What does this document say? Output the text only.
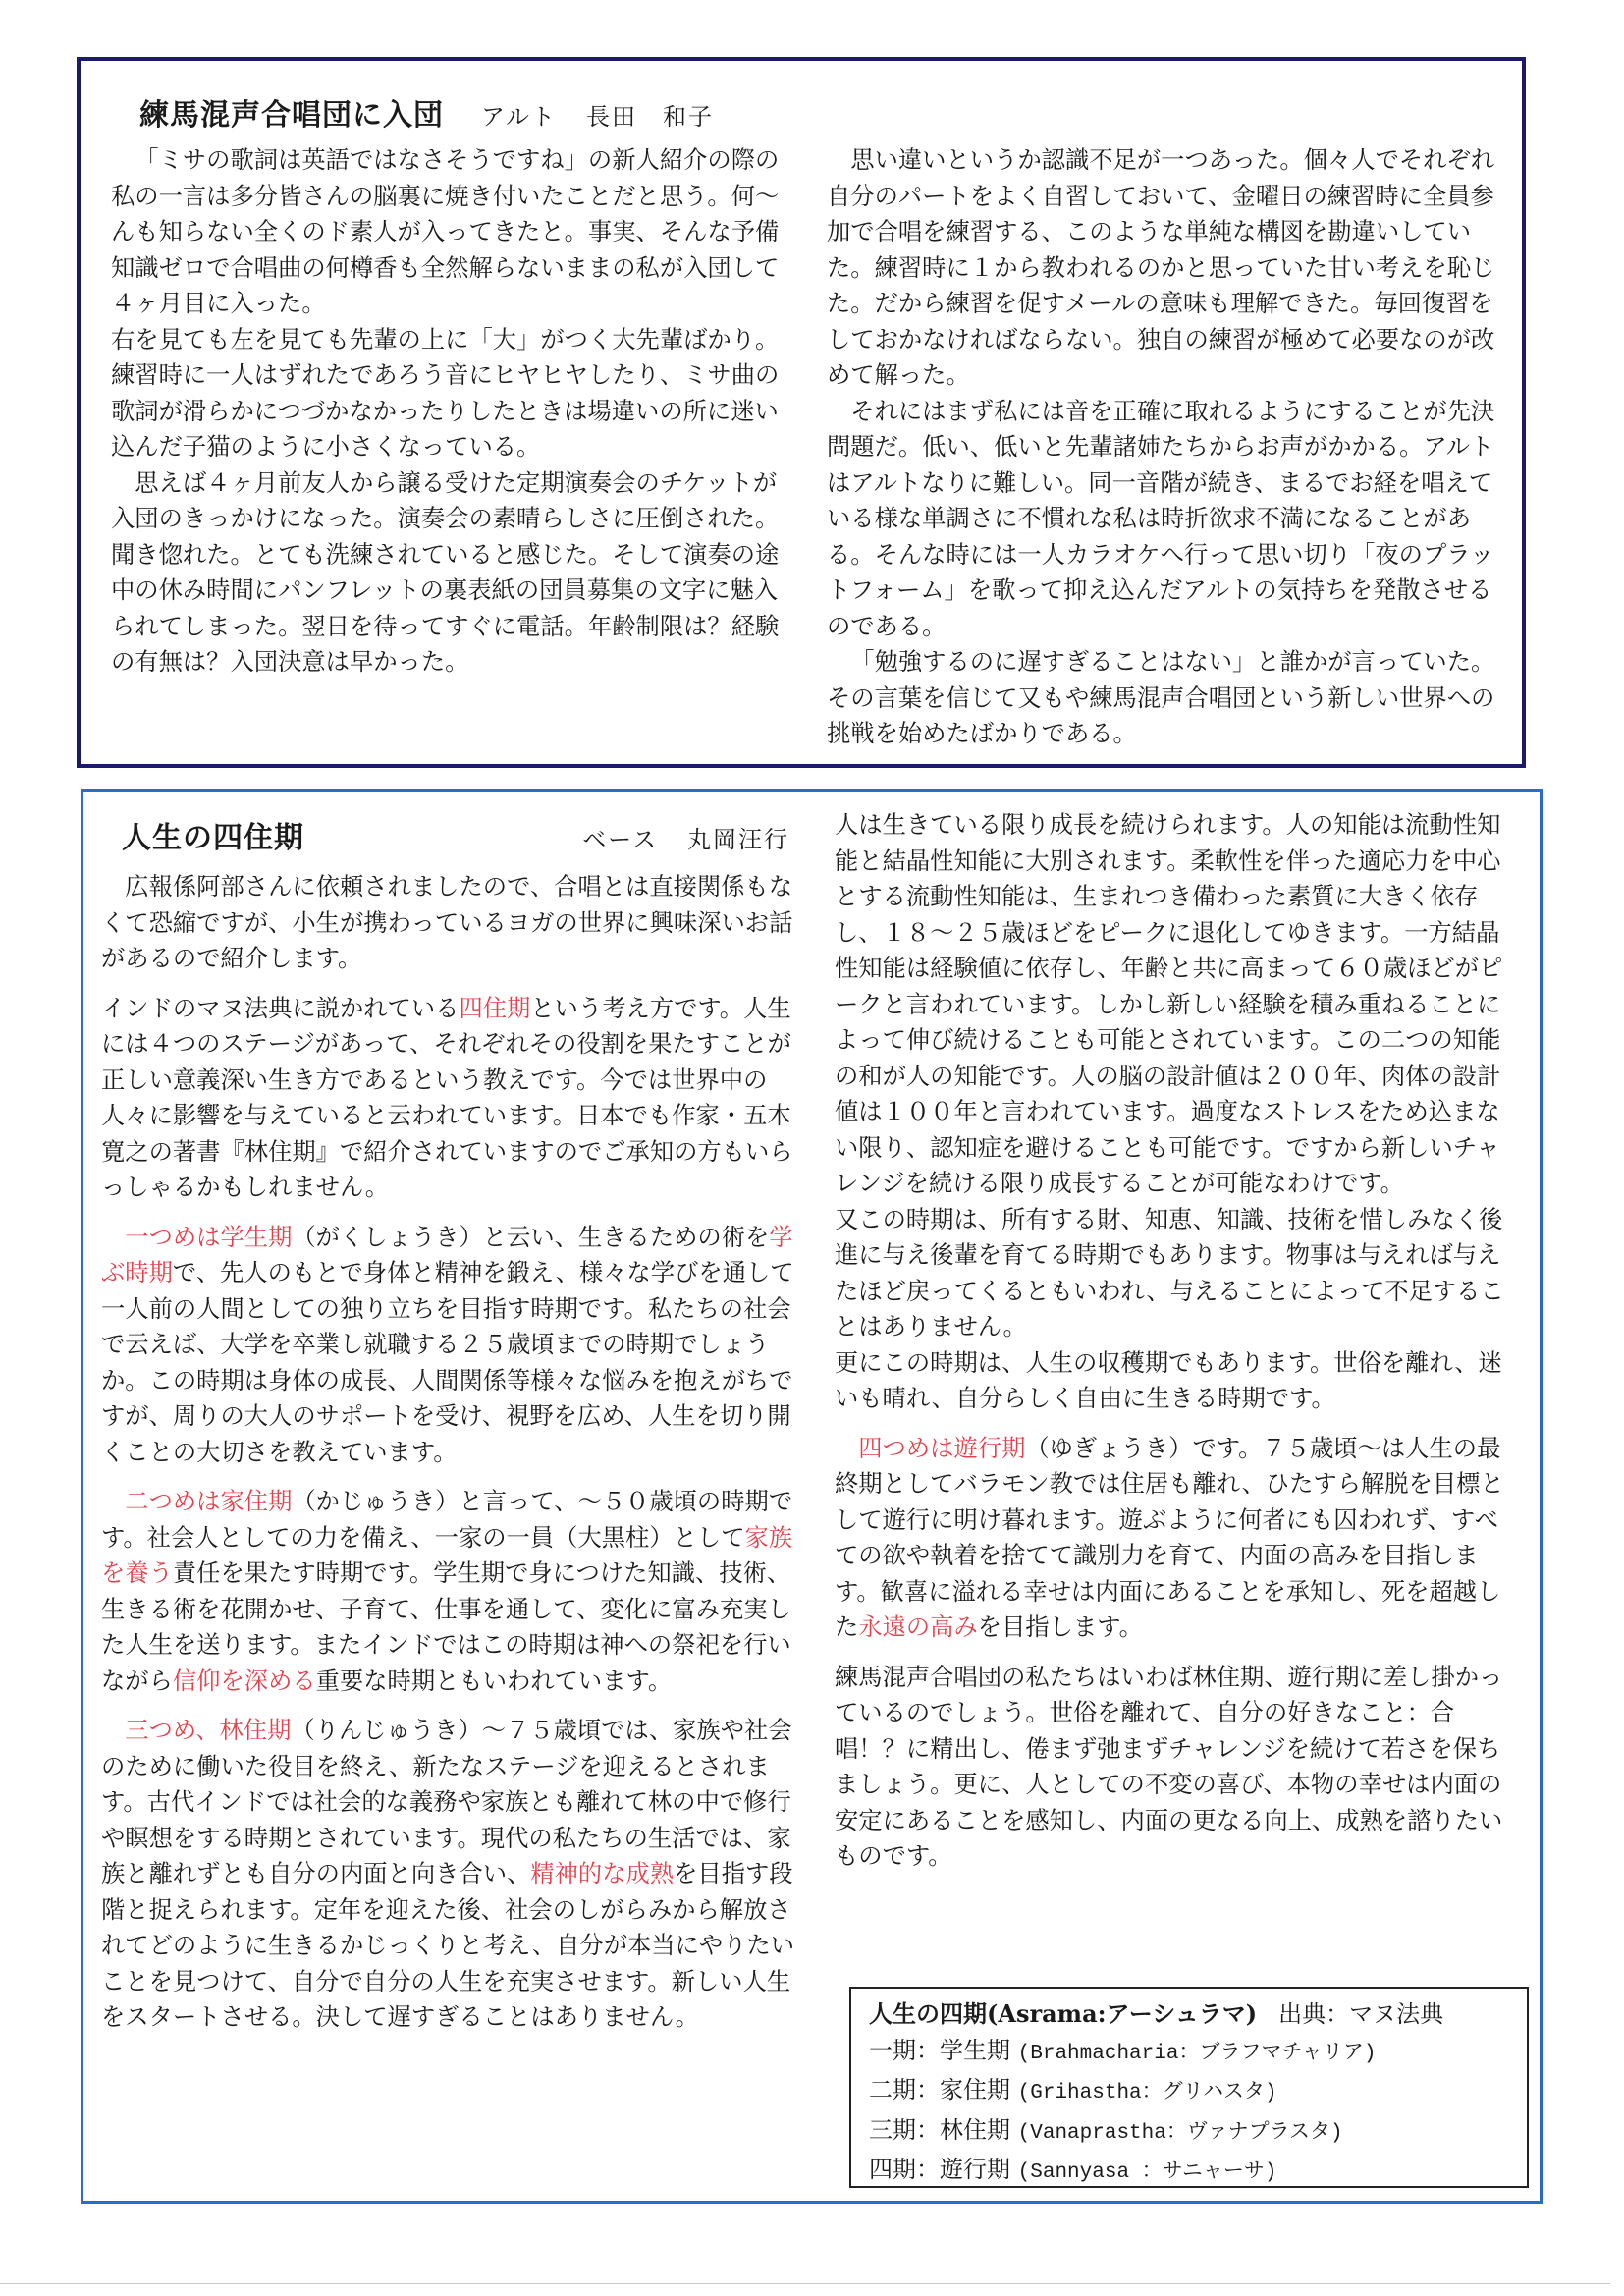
練馬混声合唱団に入団 アルト 長田　和子

「ミサの歌詞は英語ではなさそうですね」の新人紹介の際の私の一言は多分皆さんの脳裏に焼き付いたことだと思う。何～んも知らない全くのド素人が入ってきたと。事実、そんな予備知識ゼロで合唱曲の何樽香も全然解らないままの私が入団して４ヶ月目に入った。

右を見ても左を見ても先輩の上に「大」がつく大先輩ばかり。練習時に一人はずれたであろう音にヒヤヒヤしたり、ミサ曲の歌詞が滑らかにつづかなかったりしたときは場違いの所に迷い込んだ子猫のように小さくなっている。

思えば４ヶ月前友人から譲る受けた定期演奏会のチケットが入団のきっかけになった。演奏会の素晴らしさに圧倒された。聞き惚れた。とても洗練されていると感じた。そして演奏の途中の休み時間にパンフレットの裏表紙の団員募集の文字に魅入られてしまった。翌日を待ってすぐに電話。年齢制限は？経験の有無は？入団決意は早かった。

思い違いというか認識不足が一つあった。個々人でそれぞれ自分のパートをよく自習しておいて、金曜日の練習時に全員参加で合唱を練習する、このような単純な構図を勘違いしていた。練習時に１から教われるのかと思っていた甘い考えを恥じた。だから練習を促すメールの意味も理解できた。毎回復習をしておかなければならない。独自の練習が極めて必要なのが改めて解った。

それにはまず私には音を正確に取れるようにすることが先決問題だ。低い、低いと先輩諸姉たちからお声がかかる。アルトはアルトなりに難しい。同一音階が続き、まるでお経を唱えている様な単調さに不慣れな私は時折欲求不満になることがある。そんな時には一人カラオケへ行って思い切り「夜のプラットフォーム」を歌って抑え込んだアルトの気持ちを発散させるのである。

「勉強するのに遅すぎることはない」と誰かが言っていた。その言葉を信じて又もや練馬混声合唱団という新しい世界への挑戦を始めたばかりである。

人生の四住期	ベース 丸岡汪行

広報係阿部さんに依頼されましたので、合唱とは直接関係もなくて恐縮ですが、小生が携わっているヨガの世界に興味深いお話があるので紹介します。

インドのマヌ法典に説かれている四住期という考え方です。人生には４つのステージがあって、それぞれその役割を果たすことが正しい意義深い生き方であるという教えです。今では世界中の人々に影響を与えていると云われています。日本でも作家・五木寛之の著書『林住期』で紹介されていますのでご承知の方もいらっしゃるかもしれません。

一つめは学生期（がくしょうき）と云い、生きるための術を学ぶ時期で、先人のもとで身体と精神を鍛え、様々な学びを通して一人前の人間としての独り立ちを目指す時期です。私たちの社会で云えば、大学を卒業し就職する２５歳頃までの時期でしょうか。この時期は身体の成長、人間関係等様々な悩みを抱えがちですが、周りの大人のサポートを受け、視野を広め、人生を切り開くことの大切さを教えています。

二つめは家住期（かじゅうき）と言って、～５０歳頃の時期です。社会人としての力を備え、一家の一員（大黒柱）として家族を養う責任を果たす時期です。学生期で身につけた知識、技術、生きる術を花開かせ、子育て、仕事を通して、変化に富み充実した人生を送ります。またインドではこの時期は神への祭祀を行いながら信仰を深める重要な時期ともいわれています。

三つめ、林住期（りんじゅうき）～７５歳頃では、家族や社会のために働いた役目を終え、新たなステージを迎えるとされます。古代インドでは社会的な義務や家族とも離れて林の中で修行や瞑想をする時期とされています。現代の私たちの生活では、家族と離れずとも自分の内面と向き合い、精神的な成熟を目指す段階と捉えられます。定年を迎えた後、社会のしがらみから解放されてどのように生きるかじっくりと考え、自分が本当にやりたいことを見つけて、自分で自分の人生を充実させます。新しい人生をスタートさせる。決して遅すぎることはありません。

人は生きている限り成長を続けられます。人の知能は流動性知能と結晶性知能に大別されます。柔軟性を伴った適応力を中心とする流動性知能は、生まれつき備わった素質に大きく依存し、１８～２５歳ほどをピークに退化してゆきます。一方結晶性知能は経験値に依存し、年齢と共に高まって６０歳ほどがピークと言われています。しかし新しい経験を積み重ねることによって伸び続けることも可能とされています。この二つの知能の和が人の知能です。人の脳の設計値は２００年、肉体の設計値は１００年と言われています。過度なストレスをため込まない限り、認知症を避けることも可能です。ですから新しいチャレンジを続ける限り成長することが可能なわけです。

又この時期は、所有する財、知恵、知識、技術を惜しみなく後進に与え後輩を育てる時期でもあります。物事は与えれば与えたほど戻ってくるともいわれ、与えることによって不足することはありません。

更にこの時期は、人生の収穫期でもあります。世俗を離れ、迷いも晴れ、自分らしく自由に生きる時期です。

四つめは遊行期（ゆぎょうき）です。７５歳頃～は人生の最終期としてバラモン教では住居も離れ、ひたすら解脱を目標として遊行に明け暮れます。遊ぶように何者にも囚われず、すべての欲や執着を捨てて識別力を育て、内面の高みを目指します。歓喜に溢れる幸せは内面にあることを承知し、死を超越した永遠の高みを目指します。

練馬混声合唱団の私たちはいわば林住期、遊行期に差し掛かっているのでしょう。世俗を離れて、自分の好きなこと：合唱！？に精出し、倦まず弛まずチャレンジを続けて若さを保ちましょう。更に、人としての不変の喜び、本物の幸せは内面の安定にあることを感知し、内面の更なる向上、成熟を諮りたいものです。

人生の四期(Asrama:アーシュラマ) 出典：マヌ法典
一期：学生期 (Brahmacharia：ブラフマチャリア)
二期：家住期 (Grihastha：グリハスタ)
三期：林住期 (Vanaprastha：ヴァナプラスタ)
四期：遊行期 (Sannyasa ：サニャーサ)
